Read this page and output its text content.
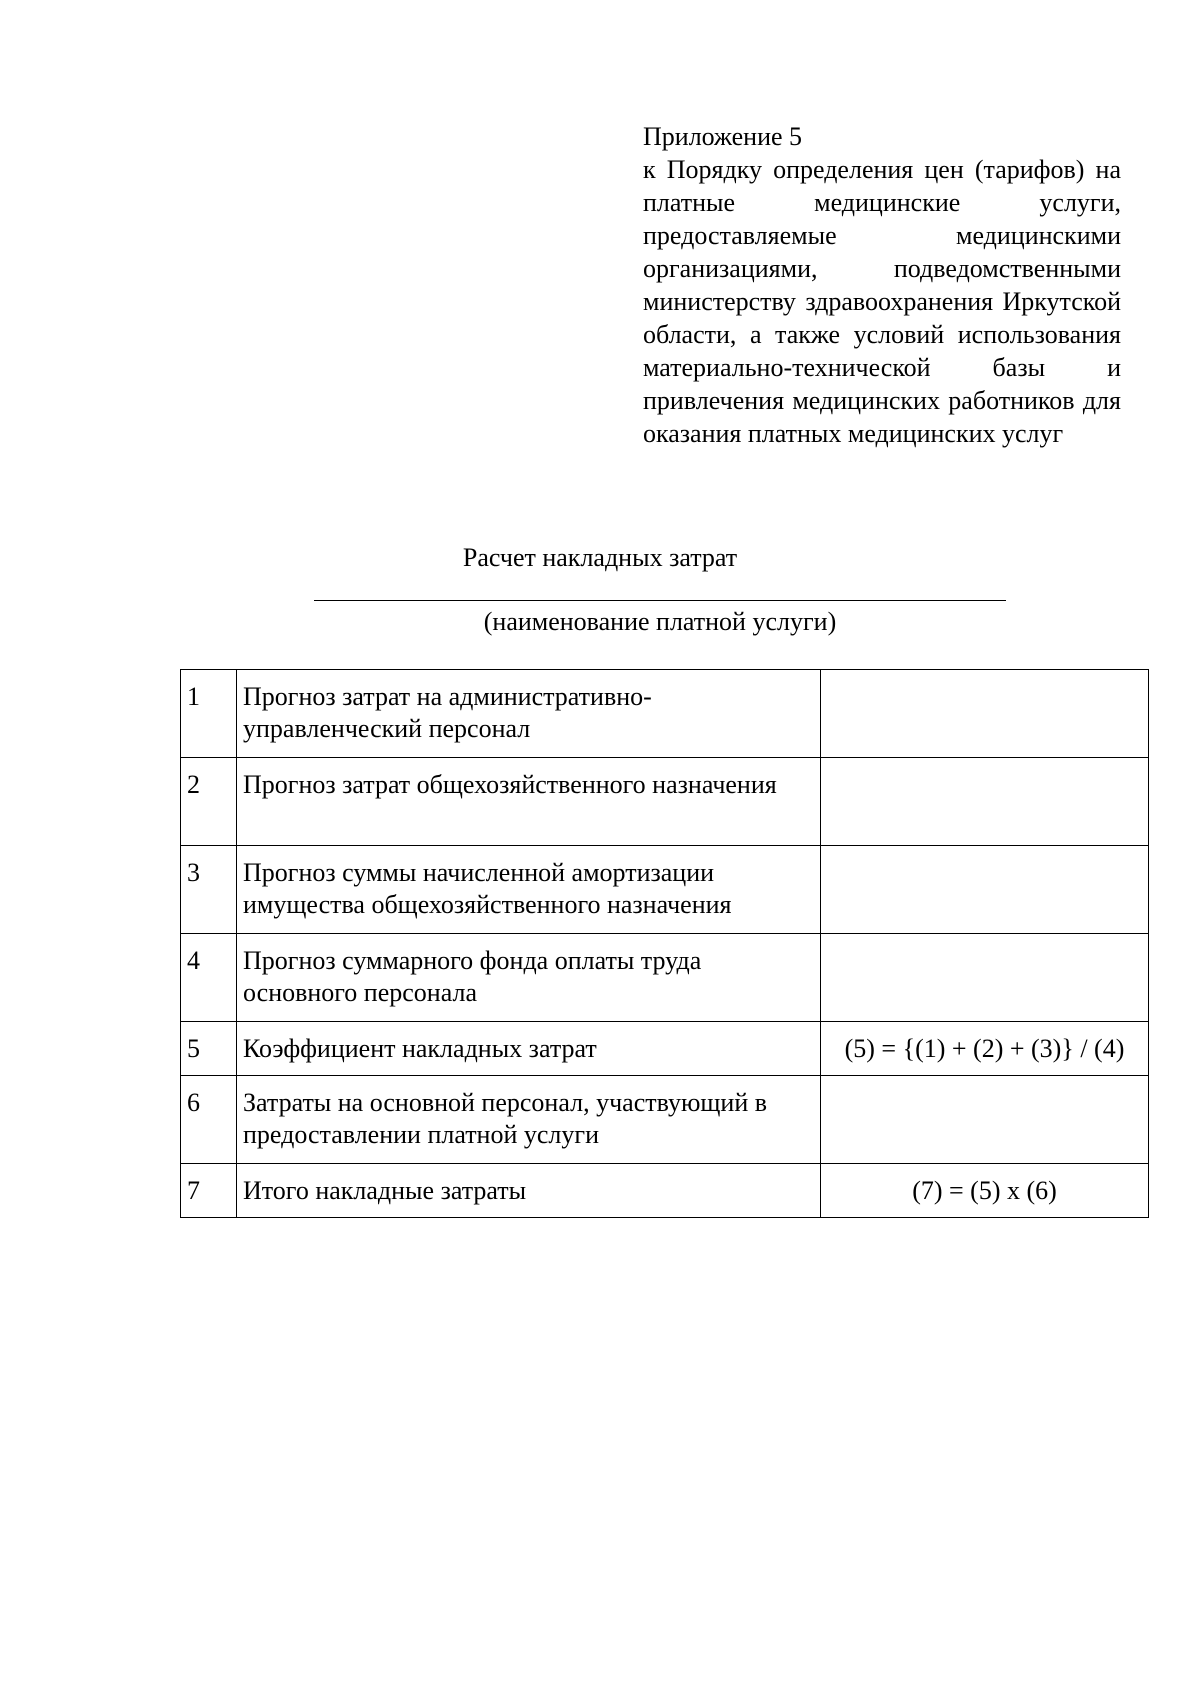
Приложение 5

к Порядку определения цен (тарифов) на платные медицинские услуги, предоставляемые медицинскими организациями, подведомственными министерству здравоохранения Иркутской области, а также условий использования материально-технической базы и привлечения медицинских работников для оказания платных медицинских услуг

Расчет накладных затрат
(наименование платной услуги)
1	Прогноз затрат на административно-управленческий персонал	
2	Прогноз затрат общехозяйственного назначения	
3	Прогноз суммы начисленной амортизации имущества общехозяйственного назначения	
4	Прогноз суммарного фонда оплаты труда основного персонала	
5	Коэффициент накладных затрат	(5) = {(1) + (2) + (3)} / (4)
6	Затраты на основной персонал, участвующий в предоставлении платной услуги	
7	Итого накладные затраты	(7) = (5) х (6)
